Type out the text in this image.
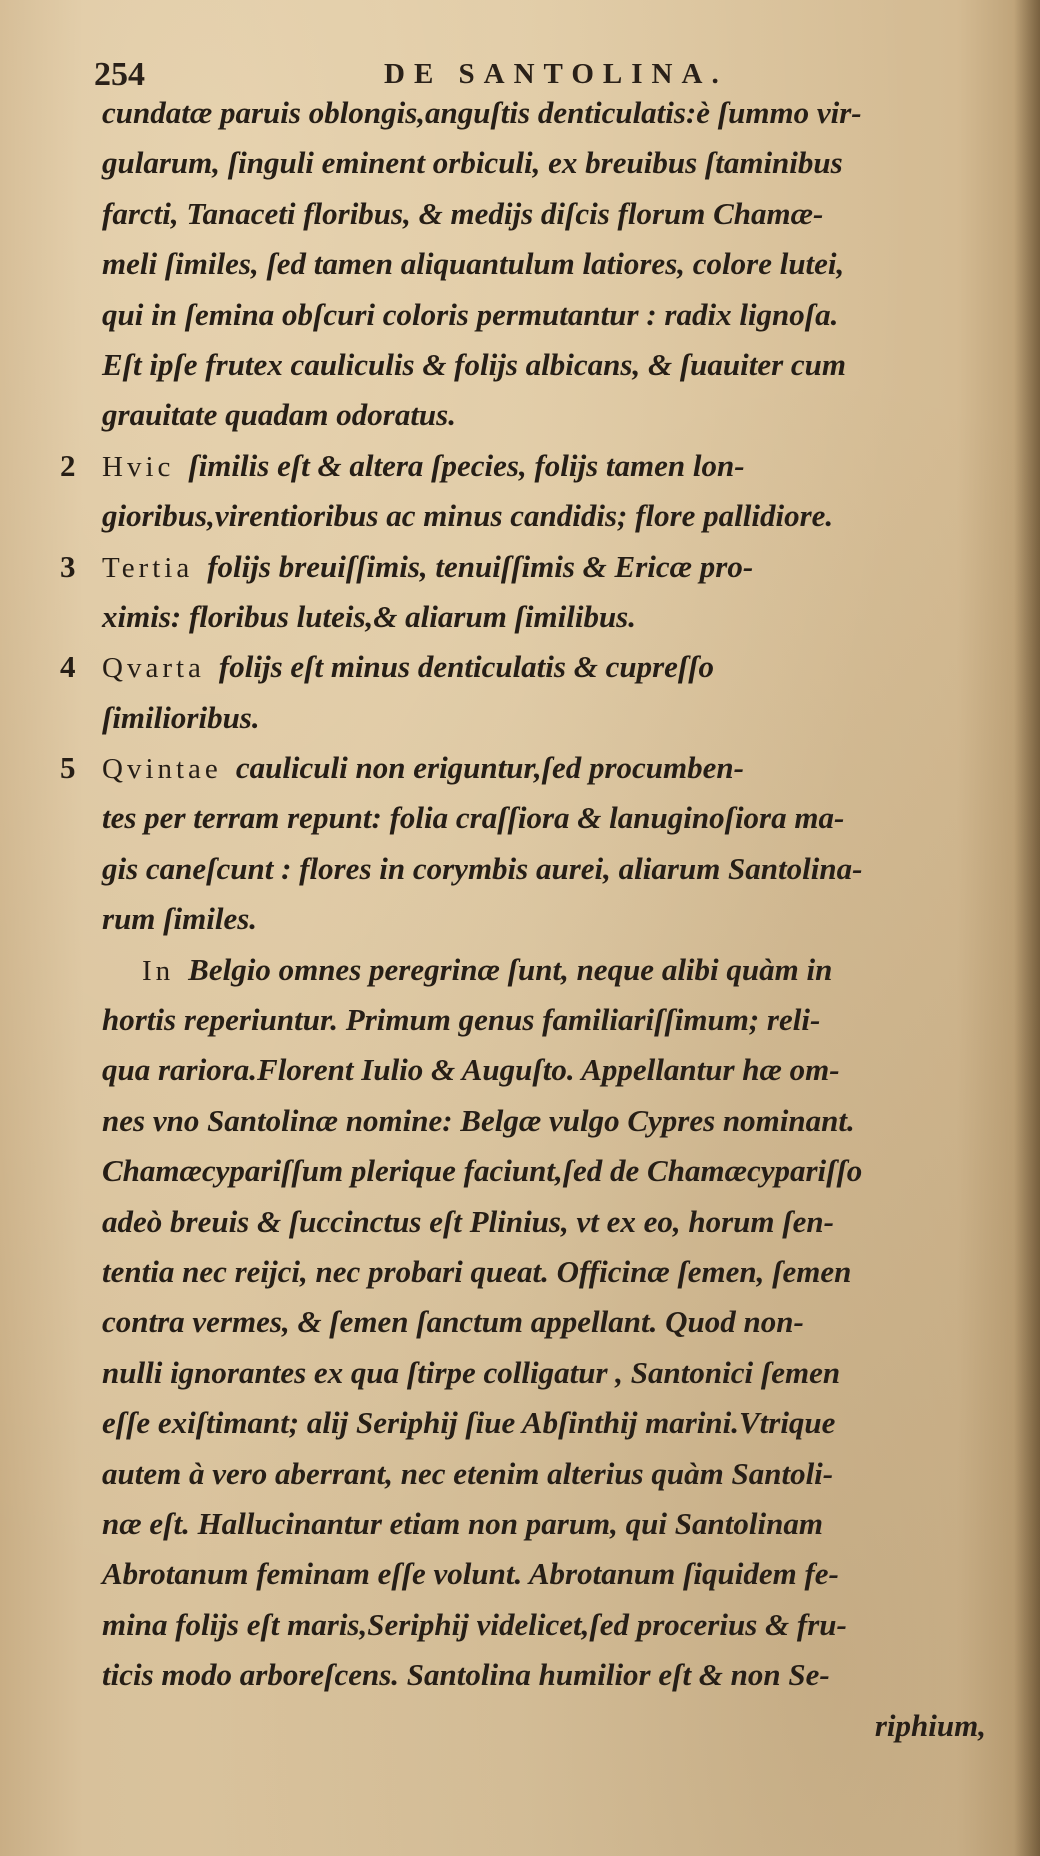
254	DE SANTOLINA.
cundatæ paruis oblongis,anguſtis denticulatis:è ſummo vir-
gularum, ſinguli eminent orbiculi, ex breuibus ſtaminibus
farcti, Tanaceti floribus, & medijs diſcis florum Chamæ-
meli ſimiles, ſed tamen aliquantulum latiores, colore lutei,
qui in ſemina obſcuri coloris permutantur : radix lignoſa.
Eſt ipſe frutex cauliculis & folijs albicans, & ſuauiter cum
grauitate quadam odoratus.
2 Hvic ſimilis eſt & altera ſpecies, folijs tamen lon-
gioribus,virentioribus ac minus candidis; flore pallidiore.
3 Tertia folijs breuiſſimis, tenuiſſimis & Ericæ pro-
ximis: floribus luteis,& aliarum ſimilibus.
4 Qvarta folijs eſt minus denticulatis & cupreſſo
ſimilioribus.
5 Qvintae cauliculi non eriguntur,ſed procumben-
tes per terram repunt: folia craſſiora & lanuginoſiora ma-
gis caneſcunt : flores in corymbis aurei, aliarum Santolina-
rum ſimiles.
In Belgio omnes peregrinæ ſunt, neque alibi quàm in
hortis reperiuntur. Primum genus familiariſſimum; reli-
qua rariora.Florent Iulio & Auguſto. Appellantur hæ om-
nes vno Santolinæ nomine: Belgæ vulgo Cypres nominant.
Chamæcypariſſum plerique faciunt,ſed de Chamæcypariſſo
adeò breuis & ſuccinctus eſt Plinius, vt ex eo, horum ſen-
tentia nec reijci, nec probari queat. Officinæ ſemen, ſemen
contra vermes, & ſemen ſanctum appellant. Quod non-
nulli ignorantes ex qua ſtirpe colligatur , Santonici ſemen
eſſe exiſtimant; alij Seriphij ſiue Abſinthij marini.Vtrique
autem à vero aberrant, nec etenim alterius quàm Santoli-
næ eſt. Hallucinantur etiam non parum, qui Santolinam
Abrotanum feminam eſſe volunt. Abrotanum ſiquidem fe-
mina folijs eſt maris,Seriphij videlicet,ſed procerius & fru-
ticis modo arboreſcens. Santolina humilior eſt & non Se-
riphium,
